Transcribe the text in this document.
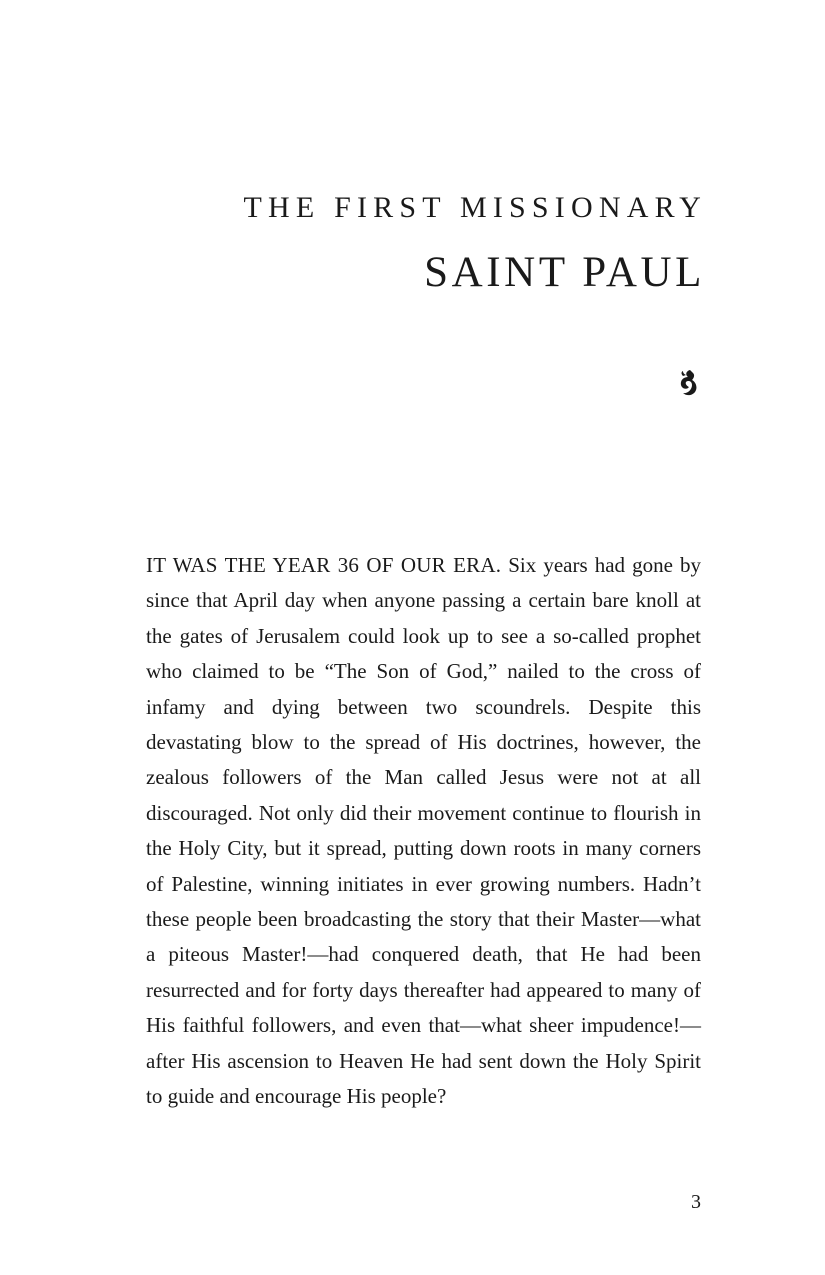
THE FIRST MISSIONARY
SAINT PAUL

IT WAS THE YEAR 36 OF OUR ERA. Six years had gone by since that April day when anyone passing a certain bare knoll at the gates of Jerusalem could look up to see a so-called prophet who claimed to be “The Son of God,” nailed to the cross of infamy and dying between two scoundrels. Despite this devastating blow to the spread of His doctrines, however, the zealous followers of the Man called Jesus were not at all discouraged. Not only did their movement continue to flourish in the Holy City, but it spread, putting down roots in many corners of Palestine, winning initiates in ever growing numbers. Hadn’t these people been broadcasting the story that their Master—what a piteous Master!—had conquered death, that He had been resurrected and for forty days thereafter had appeared to many of His faithful followers, and even that—what sheer impudence!—after His ascension to Heaven He had sent down the Holy Spirit to guide and encourage His people?

3
